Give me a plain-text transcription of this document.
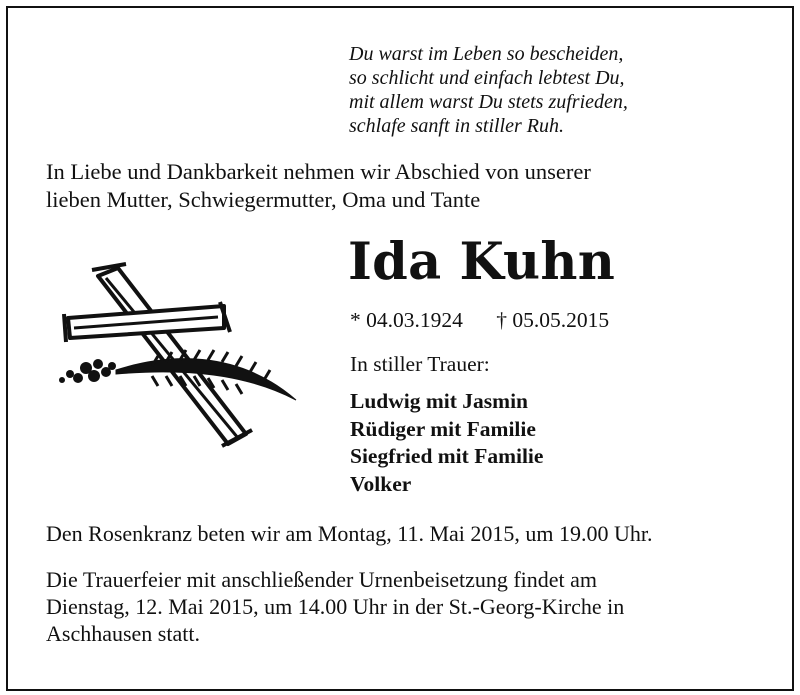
Du warst im Leben so bescheiden,
so schlicht und einfach lebtest Du,
mit allem warst Du stets zufrieden,
schlafe sanft in stiller Ruh.
In Liebe und Dankbarkeit nehmen wir Abschied von unserer
lieben Mutter, Schwiegermutter, Oma und Tante
Ida Kuhn
* 04.03.1924 † 05.05.2015
In stiller Trauer:
Ludwig mit Jasmin
Rüdiger mit Familie
Siegfried mit Familie
Volker
Den Rosenkranz beten wir am Montag, 11. Mai 2015, um 19.00 Uhr.
Die Trauerfeier mit anschließender Urnenbeisetzung findet am
Dienstag, 12. Mai 2015, um 14.00 Uhr in der St.-Georg-Kirche in
Aschhausen statt.
